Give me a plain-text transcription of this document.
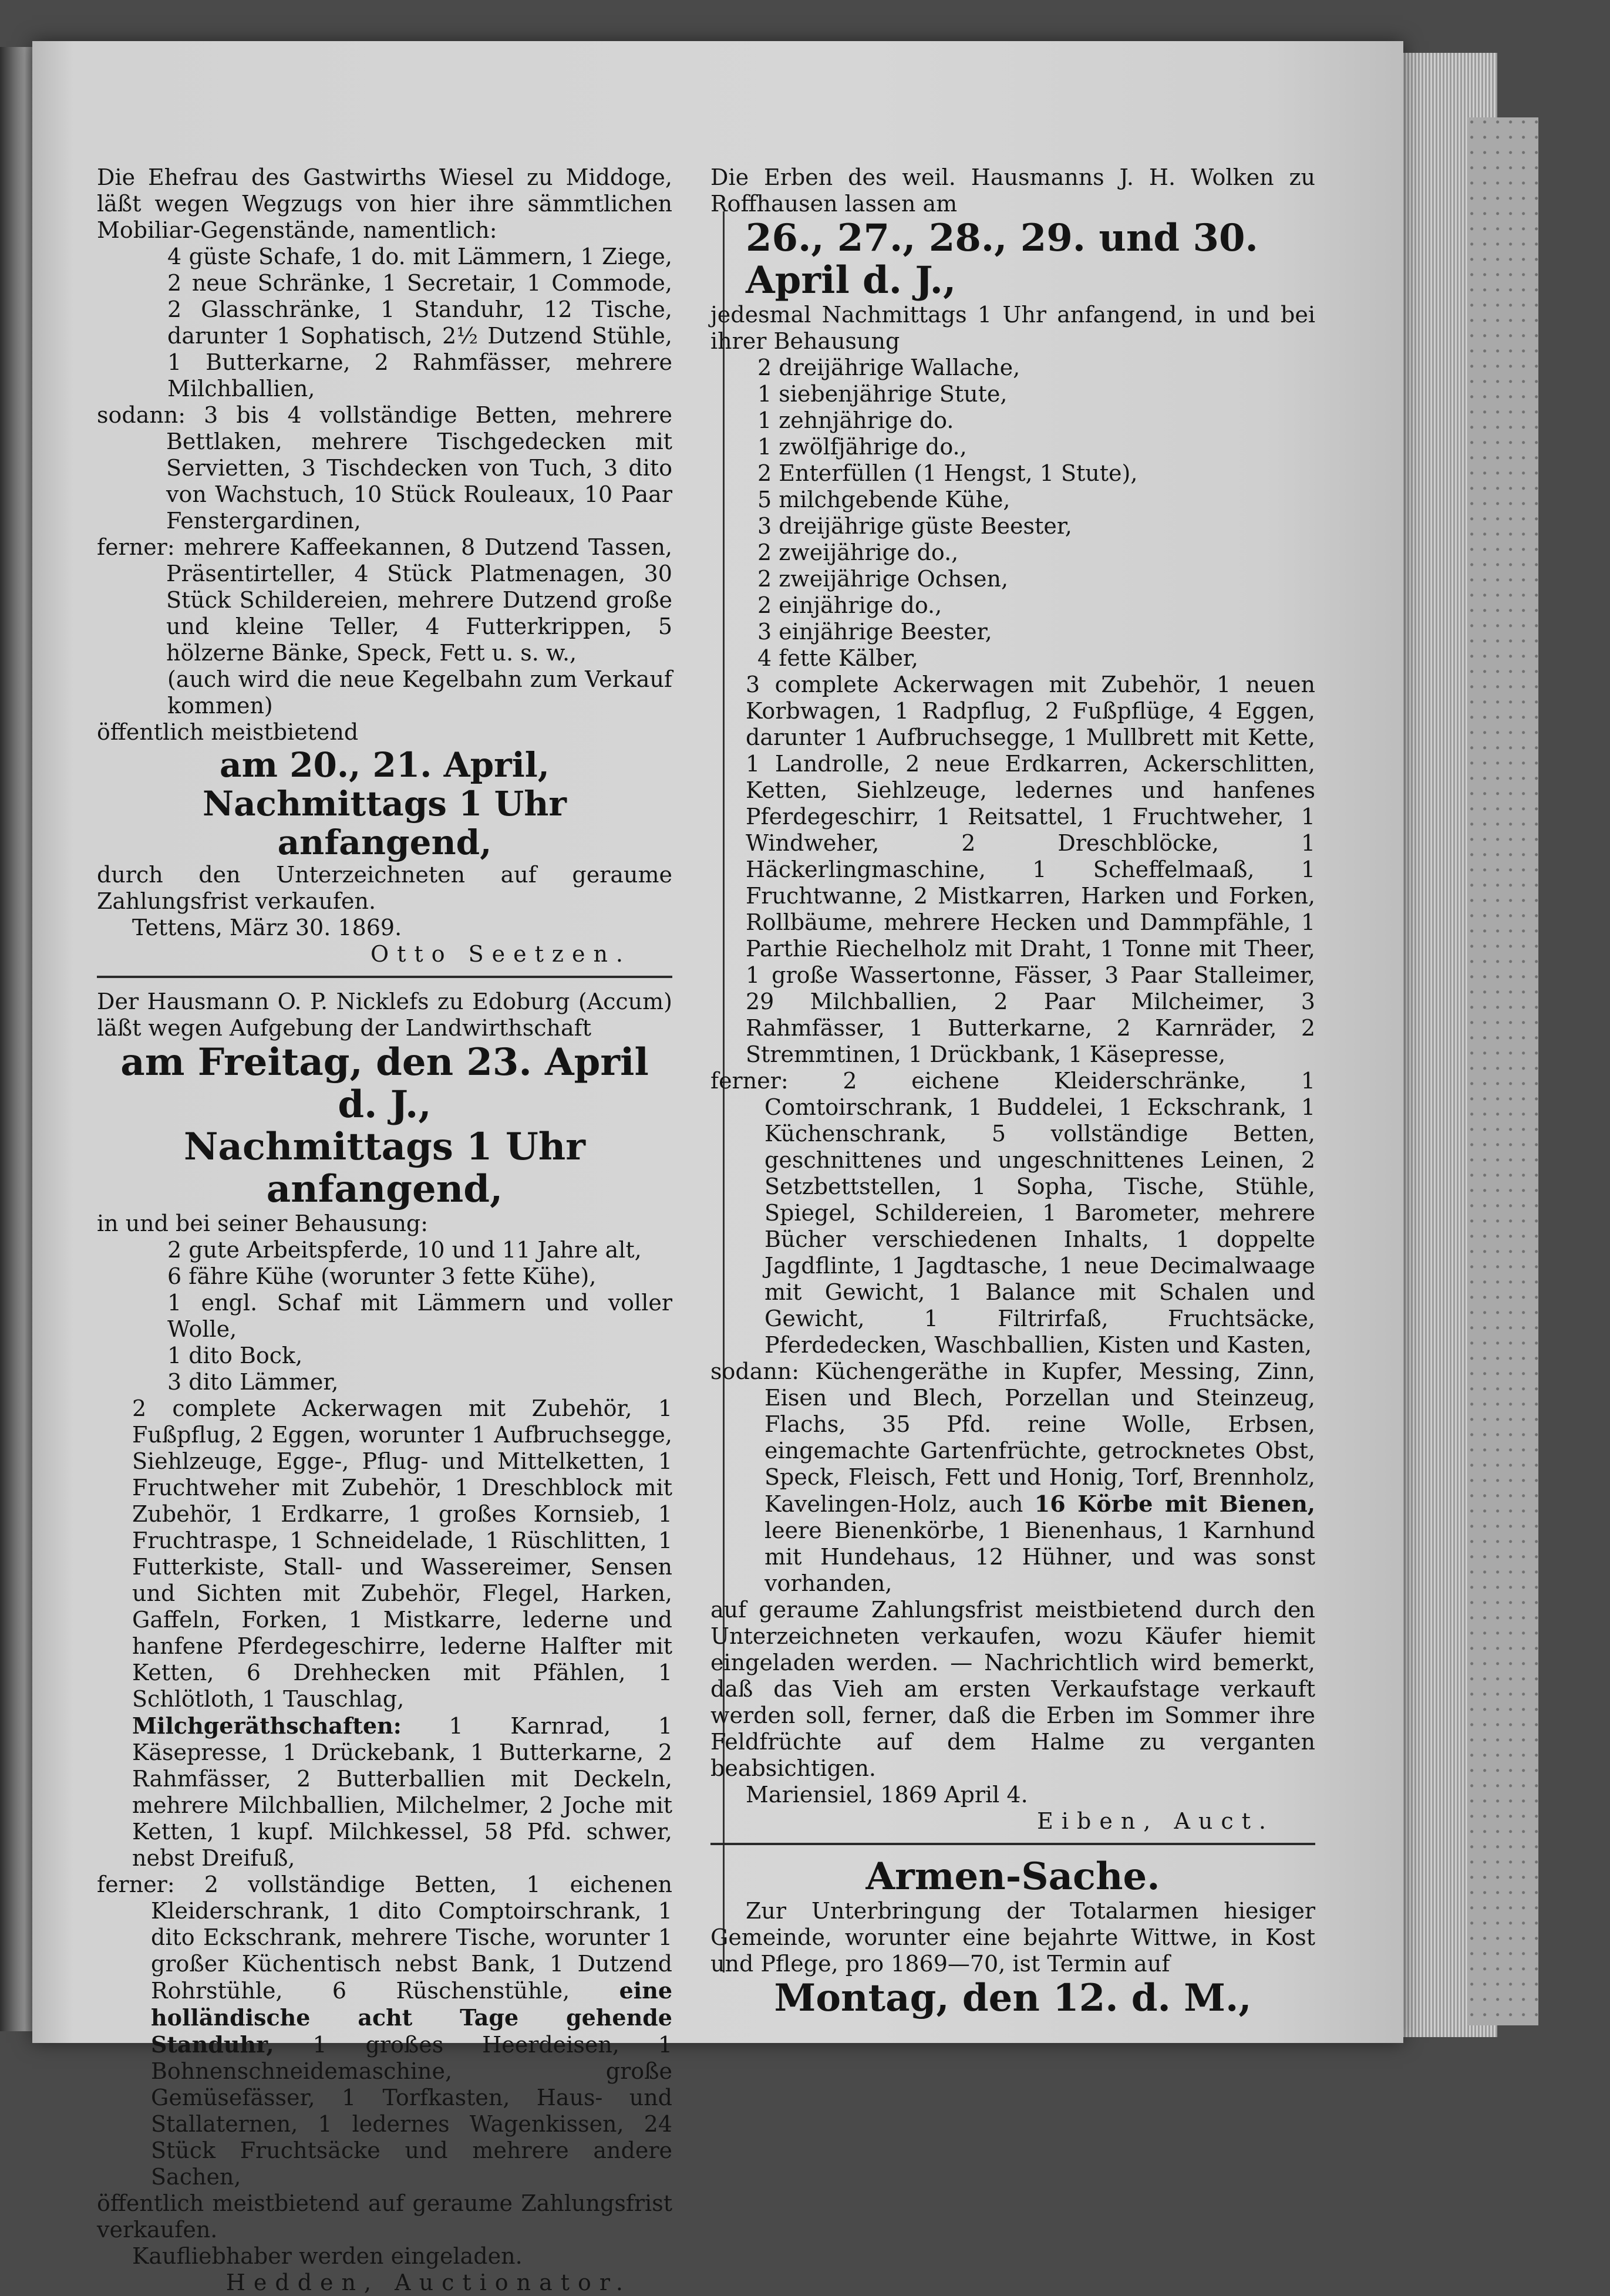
Die Ehefrau des Gastwirths Wiesel zu Middoge, läßt wegen Wegzugs von hier ihre sämmtlichen Mobiliar-Gegenstände, namentlich:

4 güste Schafe, 1 do. mit Lämmern, 1 Ziege, 2 neue Schränke, 1 Secretair, 1 Commode, 2 Glasschränke, 1 Standuhr, 12 Tische, darunter 1 Sophatisch, 2½ Dutzend Stühle, 1 Butterkarne, 2 Rahmfässer, mehrere Milchballien,

sodann: 3 bis 4 vollständige Betten, mehrere Bettlaken, mehrere Tischgedecken mit Servietten, 3 Tischdecken von Tuch, 3 dito von Wachstuch, 10 Stück Rouleaux, 10 Paar Fenstergardinen,

ferner: mehrere Kaffeekannen, 8 Dutzend Tassen, Präsentirteller, 4 Stück Platmenagen, 30 Stück Schildereien, mehrere Dutzend große und kleine Teller, 4 Futterkrippen, 5 hölzerne Bänke, Speck, Fett u. s. w.,

(auch wird die neue Kegelbahn zum Verkauf kommen)

öffentlich meistbietend

am 20., 21. April, Nachmittags 1 Uhr anfangend,

durch den Unterzeichneten auf geraume Zahlungsfrist verkaufen.

Tettens, März 30. 1869.

Otto Seetzen.

Der Hausmann O. P. Nicklefs zu Edoburg (Accum) läßt wegen Aufgebung der Landwirthschaft

am Freitag, den 23. April d. J.,

Nachmittags 1 Uhr anfangend,

in und bei seiner Behausung:

2 gute Arbeitspferde, 10 und 11 Jahre alt,

6 fähre Kühe (worunter 3 fette Kühe),

1 engl. Schaf mit Lämmern und voller Wolle,

1 dito Bock,

3 dito Lämmer,

2 complete Ackerwagen mit Zubehör, 1 Fußpflug, 2 Eggen, worunter 1 Aufbruchsegge, Siehlzeuge, Egge-, Pflug- und Mittelketten, 1 Fruchtweher mit Zubehör, 1 Dreschblock mit Zubehör, 1 Erdkarre, 1 großes Kornsieb, 1 Fruchtraspe, 1 Schneidelade, 1 Rüschlitten, 1 Futterkiste, Stall- und Wassereimer, Sensen und Sichten mit Zubehör, Flegel, Harken, Gaffeln, Forken, 1 Mistkarre, lederne und hanfene Pferdegeschirre, lederne Halfter mit Ketten, 6 Drehhecken mit Pfählen, 1 Schlötloth, 1 Tauschlag,

Milchgeräthschaften: 1 Karnrad, 1 Käsepresse, 1 Drückebank, 1 Butterkarne, 2 Rahmfässer, 2 Butterballien mit Deckeln, mehrere Milchballien, Milchelmer, 2 Joche mit Ketten, 1 kupf. Milchkessel, 58 Pfd. schwer, nebst Dreifuß,

ferner: 2 vollständige Betten, 1 eichenen Kleiderschrank, 1 dito Comptoirschrank, 1 dito Eckschrank, mehrere Tische, worunter 1 großer Küchentisch nebst Bank, 1 Dutzend Rohrstühle, 6 Rüschenstühle, eine holländische acht Tage gehende Standuhr, 1 großes Heerdeisen, 1 Bohnenschneidemaschine, große Gemüsefässer, 1 Torfkasten, Haus- und Stallaternen, 1 ledernes Wagenkissen, 24 Stück Fruchtsäcke und mehrere andere Sachen,

öffentlich meistbietend auf geraume Zahlungsfrist verkaufen.

Kaufliebhaber werden eingeladen.

Hedden, Auctionator.

Die Erben des weil. Hausmanns J. H. Wolken zu Roffhausen lassen am

26., 27., 28., 29. und 30. April d. J.,

jedesmal Nachmittags 1 Uhr anfangend, in und bei ihrer Behausung

2 dreijährige Wallache,

1 siebenjährige Stute,

1 zehnjährige do.

1 zwölfjährige do.,

2 Enterfüllen (1 Hengst, 1 Stute),

5 milchgebende Kühe,

3 dreijährige güste Beester,

2 zweijährige do.,

2 zweijährige Ochsen,

2 einjährige do.,

3 einjährige Beester,

4 fette Kälber,

3 complete Ackerwagen mit Zubehör, 1 neuen Korbwagen, 1 Radpflug, 2 Fußpflüge, 4 Eggen, darunter 1 Aufbruchsegge, 1 Mullbrett mit Kette, 1 Landrolle, 2 neue Erdkarren, Ackerschlitten, Ketten, Siehlzeuge, ledernes und hanfenes Pferdegeschirr, 1 Reitsattel, 1 Fruchtweher, 1 Windweher, 2 Dreschblöcke, 1 Häckerlingmaschine, 1 Scheffelmaaß, 1 Fruchtwanne, 2 Mistkarren, Harken und Forken, Rollbäume, mehrere Hecken und Dammpfähle, 1 Parthie Riechelholz mit Draht, 1 Tonne mit Theer, 1 große Wassertonne, Fässer, 3 Paar Stalleimer, 29 Milchballien, 2 Paar Milcheimer, 3 Rahmfässer, 1 Butterkarne, 2 Karnräder, 2 Stremmtinen, 1 Drückbank, 1 Käsepresse,

ferner: 2 eichene Kleiderschränke, 1 Comtoirschrank, 1 Buddelei, 1 Eckschrank, 1 Küchenschrank, 5 vollständige Betten, geschnittenes und ungeschnittenes Leinen, 2 Setzbettstellen, 1 Sopha, Tische, Stühle, Spiegel, Schildereien, 1 Barometer, mehrere Bücher verschiedenen Inhalts, 1 doppelte Jagdflinte, 1 Jagdtasche, 1 neue Decimalwaage mit Gewicht, 1 Balance mit Schalen und Gewicht, 1 Filtrirfaß, Fruchtsäcke, Pferdedecken, Waschballien, Kisten und Kasten,

sodann: Küchengeräthe in Kupfer, Messing, Zinn, Eisen und Blech, Porzellan und Steinzeug, Flachs, 35 Pfd. reine Wolle, Erbsen, eingemachte Gartenfrüchte, getrocknetes Obst, Speck, Fleisch, Fett und Honig, Torf, Brennholz, Kavelingen-Holz, auch 16 Körbe mit Bienen, leere Bienenkörbe, 1 Bienenhaus, 1 Karnhund mit Hundehaus, 12 Hühner, und was sonst vorhanden,

auf geraume Zahlungsfrist meistbietend durch den Unterzeichneten verkaufen, wozu Käufer hiemit eingeladen werden. — Nachrichtlich wird bemerkt, daß das Vieh am ersten Verkaufstage verkauft werden soll, ferner, daß die Erben im Sommer ihre Feldfrüchte auf dem Halme zu verganten beabsichtigen.

Mariensiel, 1869 April 4.

Eiben, Auct.

Armen-Sache.

Zur Unterbringung der Totalarmen hiesiger Gemeinde, worunter eine bejahrte Wittwe, in Kost und Pflege, pro 1869—70, ist Termin auf

Montag, den 12. d. M.,
